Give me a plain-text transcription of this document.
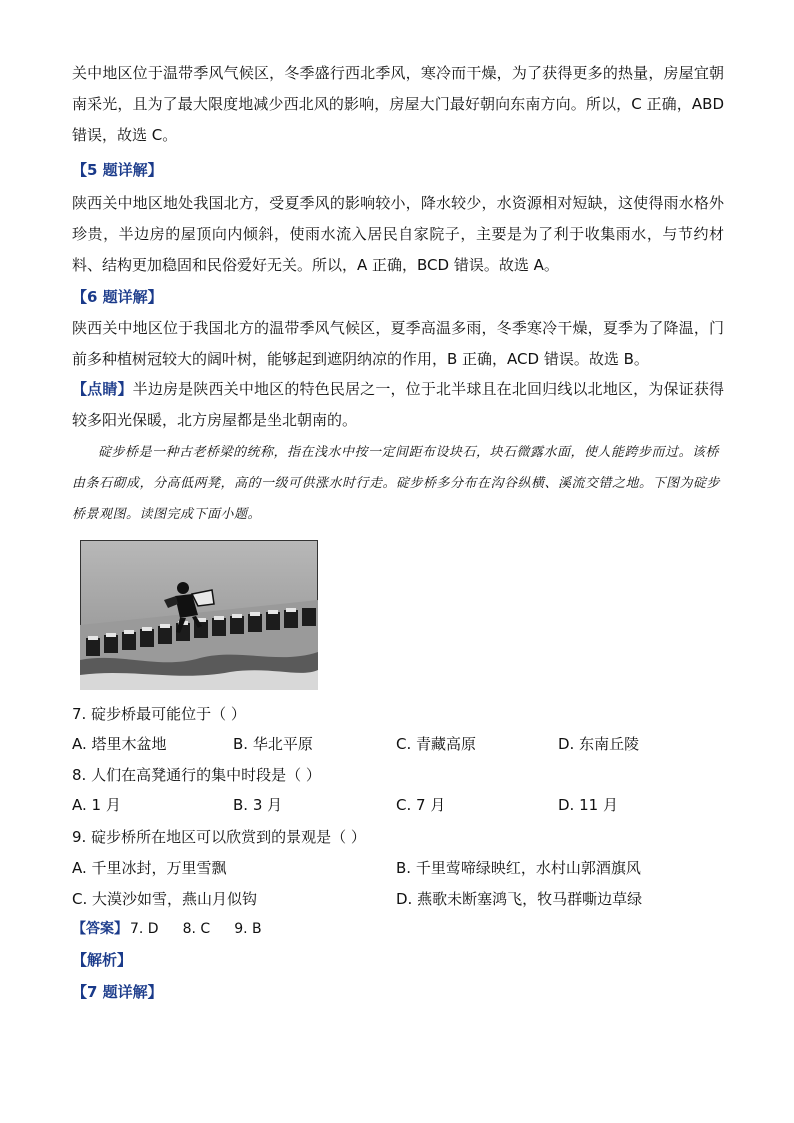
关中地区位于温带季风气候区，冬季盛行西北季风，寒冷而干燥，为了获得更多的热量，房屋宜朝南采光，且为了最大限度地减少西北风的影响，房屋大门最好朝向东南方向。所以，C 正确，ABD 错误，故选 C。

【5 题详解】

陕西关中地区地处我国北方，受夏季风的影响较小，降水较少，水资源相对短缺，这使得雨水格外珍贵，半边房的屋顶向内倾斜，使雨水流入居民自家院子，主要是为了利于收集雨水，与节约材料、结构更加稳固和民俗爱好无关。所以，A 正确，BCD 错误。故选 A。

【6 题详解】

陕西关中地区位于我国北方的温带季风气候区，夏季高温多雨，冬季寒冷干燥，夏季为了降温，门前多种植树冠较大的阔叶树，能够起到遮阴纳凉的作用，B 正确，ACD 错误。故选 B。

【点睛】半边房是陕西关中地区的特色民居之一，位于北半球且在北回归线以北地区，为保证获得较多阳光保暖，北方房屋都是坐北朝南的。

碇步桥是一种古老桥梁的统称，指在浅水中按一定间距布设块石，块石微露水面，使人能跨步而过。该桥由条石砌成，分高低两凳，高的一级可供涨水时行走。碇步桥多分布在沟谷纵横、溪流交错之地。下图为碇步桥景观图。读图完成下面小题。

7. 碇步桥最可能位于（ ）

A. 塔里木盆地	B. 华北平原	C. 青藏高原	D. 东南丘陵

8. 人们在高凳通行的集中时段是（ ）

A. 1 月	B. 3 月	C. 7 月	D. 11 月

9. 碇步桥所在地区可以欣赏到的景观是（ ）

A. 千里冰封，万里雪飘	B. 千里莺啼绿映红，水村山郭酒旗风

C. 大漠沙如雪，燕山月似钩	D. 燕歌未断塞鸿飞，牧马群嘶边草绿

【答案】 7. D 8. C 9. B

【解析】

【7 题详解】
